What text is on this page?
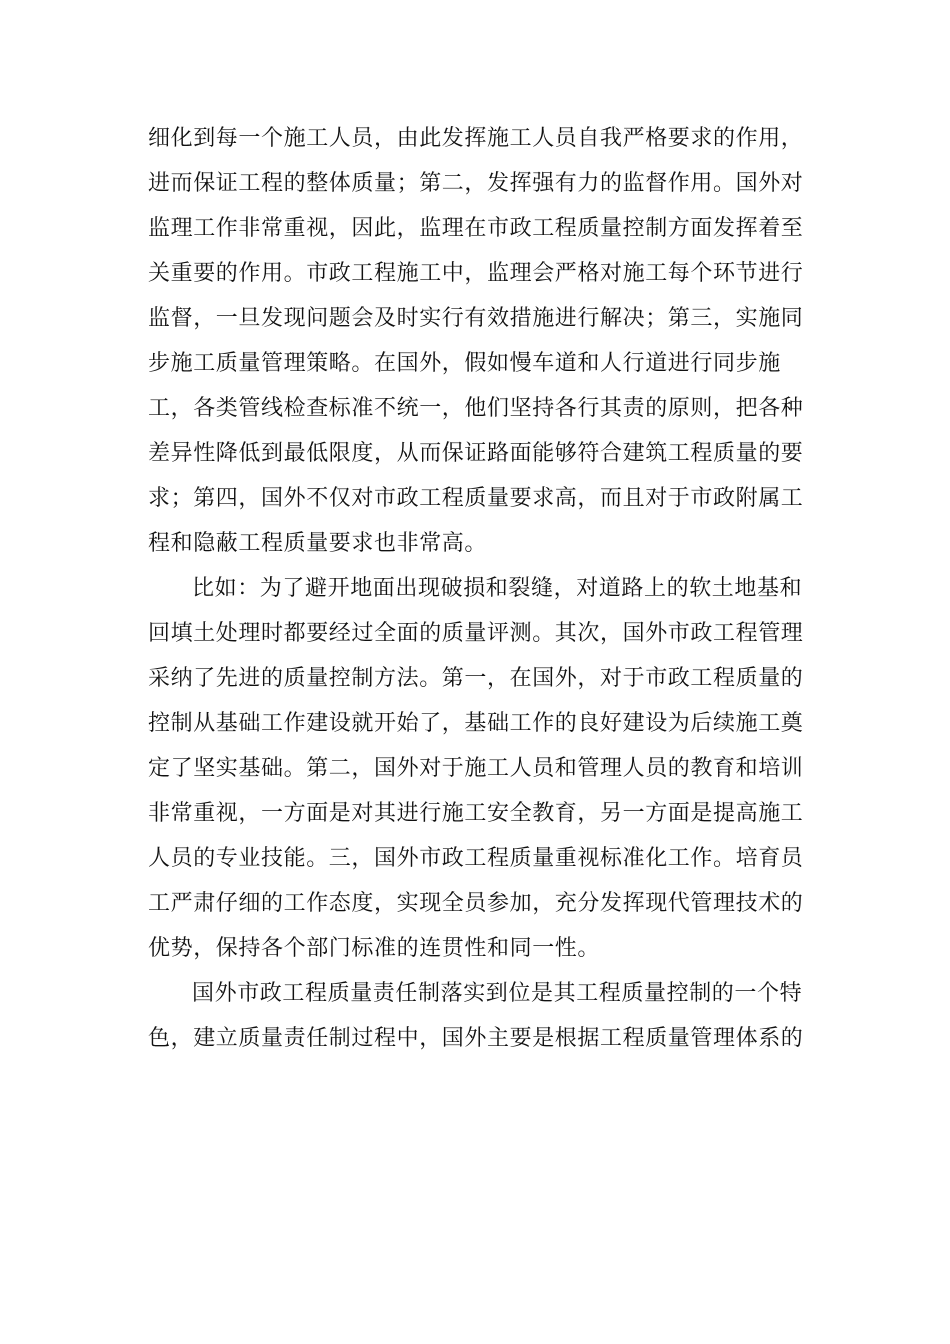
细化到每一个施工人员，由此发挥施工人员自我严格要求的作用，
进而保证工程的整体质量；第二，发挥强有力的监督作用。国外对
监理工作非常重视，因此，监理在市政工程质量控制方面发挥着至
关重要的作用。市政工程施工中，监理会严格对施工每个环节进行
监督，一旦发现问题会及时实行有效措施进行解决；第三，实施同
步施工质量管理策略。在国外，假如慢车道和人行道进行同步施
工，各类管线检查标准不统一，他们坚持各行其责的原则，把各种
差异性降低到最低限度，从而保证路面能够符合建筑工程质量的要
求；第四，国外不仅对市政工程质量要求高，而且对于市政附属工
程和隐蔽工程质量要求也非常高。
比如：为了避开地面出现破损和裂缝，对道路上的软土地基和
回填土处理时都要经过全面的质量评测。其次，国外市政工程管理
采纳了先进的质量控制方法。第一，在国外，对于市政工程质量的
控制从基础工作建设就开始了，基础工作的良好建设为后续施工奠
定了坚实基础。第二，国外对于施工人员和管理人员的教育和培训
非常重视，一方面是对其进行施工安全教育，另一方面是提高施工
人员的专业技能。三，国外市政工程质量重视标准化工作。培育员
工严肃仔细的工作态度，实现全员参加，充分发挥现代管理技术的
优势，保持各个部门标准的连贯性和同一性。
国外市政工程质量责任制落实到位是其工程质量控制的一个特
色，建立质量责任制过程中，国外主要是根据工程质量管理体系的
